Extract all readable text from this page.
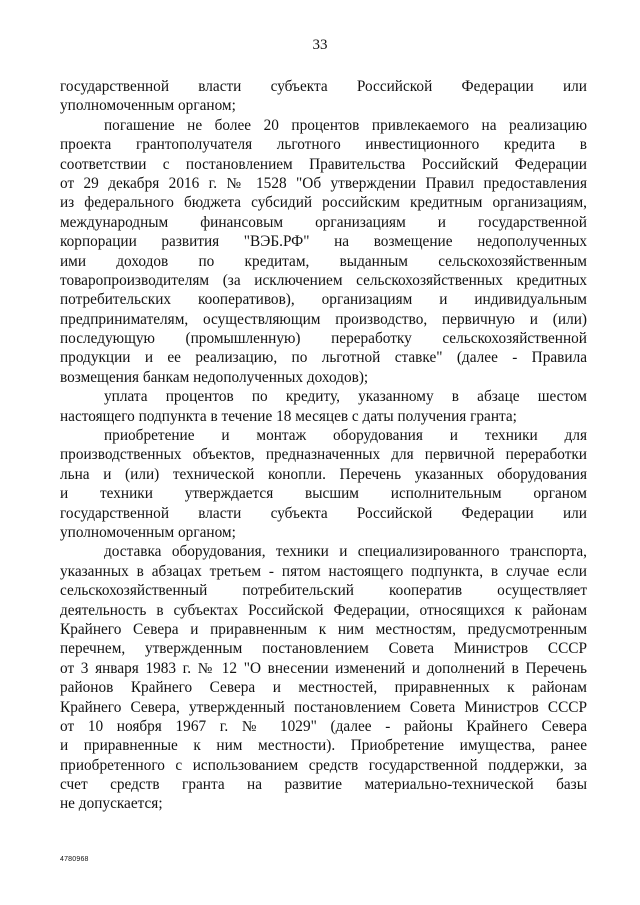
33
государственной власти субъекта Российской Федерации или
уполномоченным органом;
погашение не более 20 процентов привлекаемого на реализацию
проекта грантополучателя льготного инвестиционного кредита в
соответствии с постановлением Правительства Российский Федерации
от 29 декабря 2016 г. № 1528 "Об утверждении Правил предоставления
из федерального бюджета субсидий российским кредитным организациям,
международным финансовым организациям и государственной
корпорации развития "ВЭБ.РФ" на возмещение недополученных
ими доходов по кредитам, выданным сельскохозяйственным
товаропроизводителям (за исключением сельскохозяйственных кредитных
потребительских кооперативов), организациям и индивидуальным
предпринимателям, осуществляющим производство, первичную и (или)
последующую (промышленную) переработку сельскохозяйственной
продукции и ее реализацию, по льготной ставке" (далее - Правила
возмещения банкам недополученных доходов);
уплата процентов по кредиту, указанному в абзаце шестом
настоящего подпункта в течение 18 месяцев с даты получения гранта;
приобретение и монтаж оборудования и техники для
производственных объектов, предназначенных для первичной переработки
льна и (или) технической конопли. Перечень указанных оборудования
и техники утверждается высшим исполнительным органом
государственной власти субъекта Российской Федерации или
уполномоченным органом;
доставка оборудования, техники и специализированного транспорта,
указанных в абзацах третьем - пятом настоящего подпункта, в случае если
сельскохозяйственный потребительский кооператив осуществляет
деятельность в субъектах Российской Федерации, относящихся к районам
Крайнего Севера и приравненным к ним местностям, предусмотренным
перечнем, утвержденным постановлением Совета Министров СССР
от 3 января 1983 г. № 12 "О внесении изменений и дополнений в Перечень
районов Крайнего Севера и местностей, приравненных к районам
Крайнего Севера, утвержденный постановлением Совета Министров СССР
от 10 ноября 1967 г. № 1029" (далее - районы Крайнего Севера
и приравненные к ним местности). Приобретение имущества, ранее
приобретенного с использованием средств государственной поддержки, за
счет средств гранта на развитие материально-технической базы
не допускается;
4780968
